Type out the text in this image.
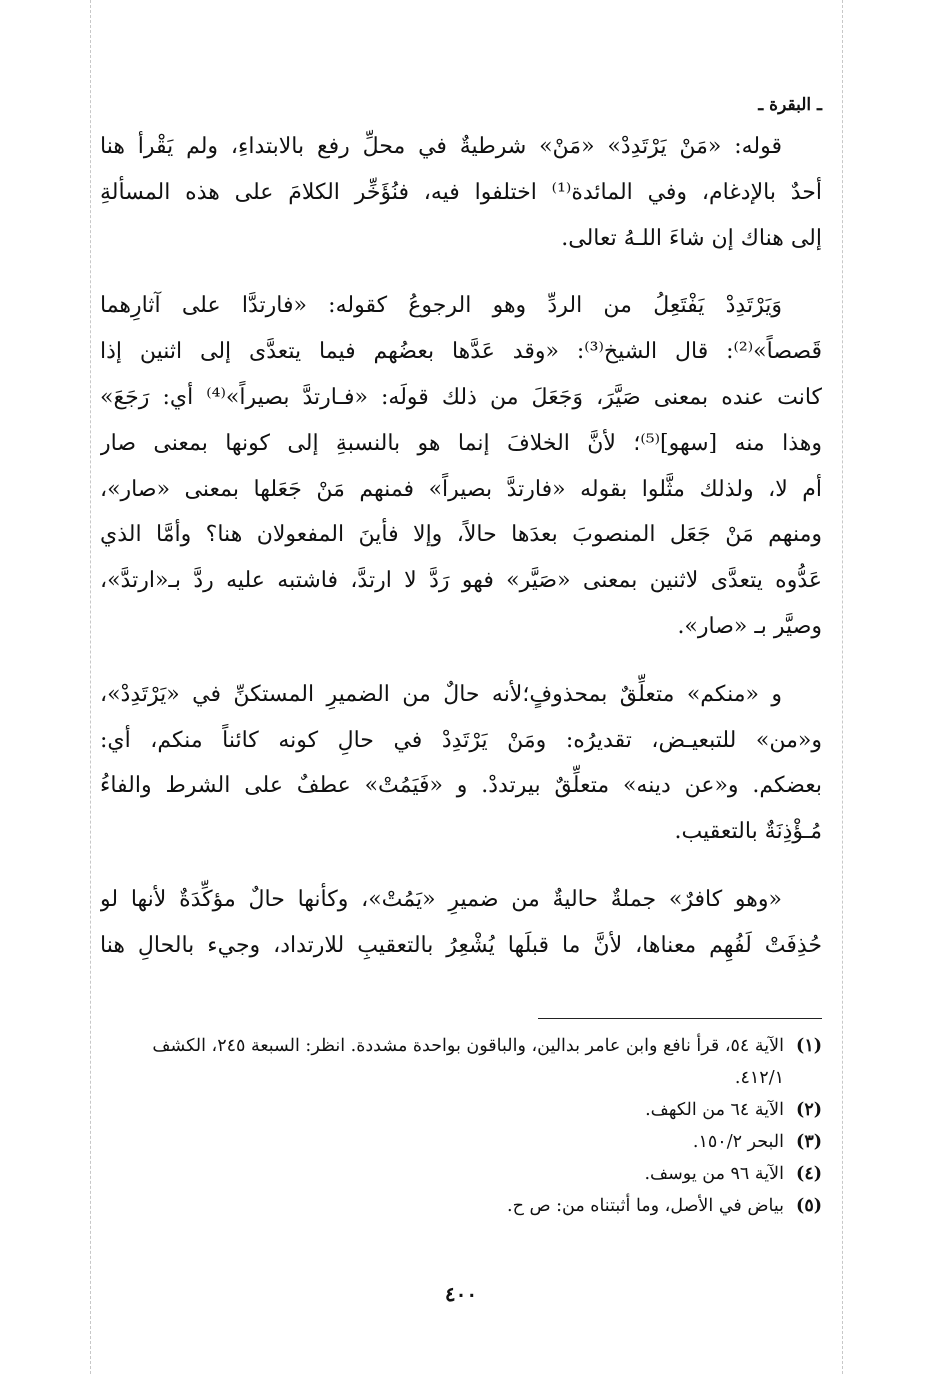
ـ البقرة ـ
قوله: «مَنْ يَرْتَدِدْ» «مَنْ» شرطيةٌ في محلِّ رفع بالابتداءِ، ولم يَقْرأ هنا
أحدٌ بالإدغام، وفي المائدة⁽¹⁾ اختلفوا فيه، فنُؤَخِّر الكلامَ على هذه المسألةِ
إلى هناك إن شاءَ اللـهُ تعالى.
وَيَرْتَدِدْ يَفْتَعِلُ من الردِّ وهو الرجوعُ كقوله: «فارتدَّا على آثارِهما
قَصصاً»⁽²⁾: قال الشيخ⁽³⁾: «وقد عَدَّها بعضُهم فيما يتعدَّى إلى اثنين إذا
كانت عنده بمعنى صَيَّرَ، وَجَعَلَ من ذلك قولَه: «فـارتدَّ بصيراً»⁽⁴⁾ أي: رَجَعَ»
وهذا منه [سهو]⁽⁵⁾؛ لأنَّ الخلافَ إنما هو بالنسبةِ إلى كونها بمعنى صار
أم لا، ولذلك مثَّلوا بقوله «فارتدَّ بصيراً» فمنهم مَنْ جَعَلها بمعنى «صار»،
ومنهم مَنْ جَعَل المنصوبَ بعدَها حالاً، وإلا فأينَ المفعولان هنا؟ وأمَّا الذي
عَدُّوه يتعدَّى لاثنين بمعنى «صَيَّر» فهو رَدَّ لا ارتدَّ، فاشتبه عليه ردَّ بـ«ارتدَّ»،
وصيَّر بـ «صار».
و «منكم» متعلِّقٌ بمحذوفٍ؛لأنه حالٌ من الضميرِ المستكنِّ في «يَرْتَدِدْ»،
و«من» للتبعيـض، تقديرُه: ومَنْ يَرْتَدِدْ في حالِ كونه كائناً منكم، أي:
بعضكم. و«عن دينه» متعلِّقٌ بيرتددْ. و «فَيَمُتْ» عطفٌ على الشرط والفاءُ
مُـؤْذِنَةٌ بالتعقيب.
«وهو كافرٌ» جملةٌ حاليةٌ من ضميرِ «يَمُتْ»، وكأنها حالٌ مؤكِّدَةٌ لأنها لو
حُذِفَتْ لَفُهِم معناها، لأنَّ ما قبلَها يُشْعِرُ بالتعقيبِ للارتداد، وجيء بالحالِ هنا
(١)
الآية ٥٤، قرأ نافع وابن عامر بدالين، والباقون بواحدة مشددة. انظر: السبعة ٢٤٥، الكشف ٤١٢/١.
(٢)
الآية ٦٤ من الكهف.
(٣)
البحر ١٥٠/٢.
(٤)
الآية ٩٦ من يوسف.
(٥)
بياض في الأصل، وما أثبتناه من: ص ح.
٤٠٠
